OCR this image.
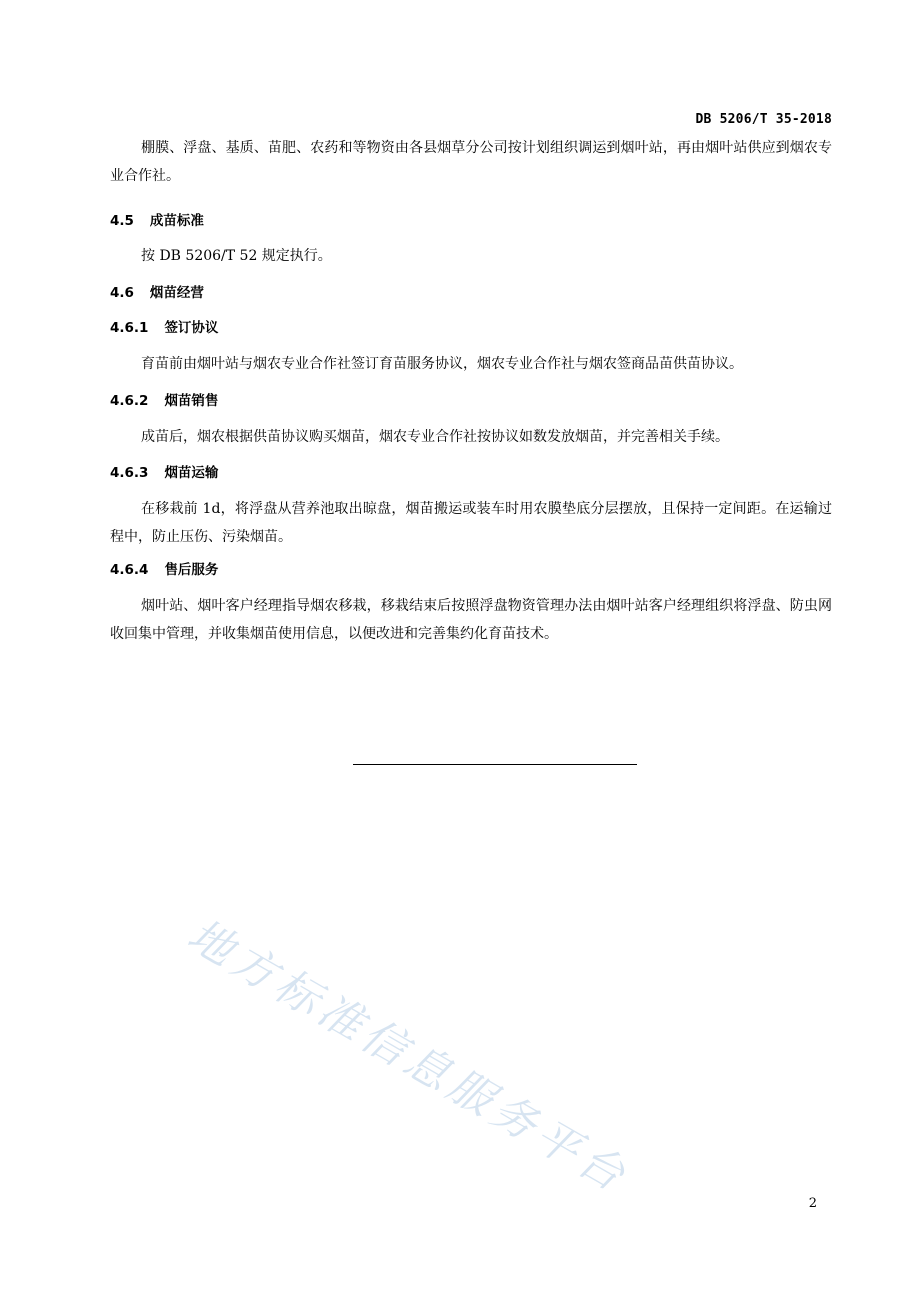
DB 5206/T 35-2018

棚膜、浮盘、基质、苗肥、农药和等物资由各县烟草分公司按计划组织调运到烟叶站，再由烟叶站供应到烟农专业合作社。

4.5 成苗标准

按 DB 5206/T 52 规定执行。

4.6 烟苗经营
4.6.1 签订协议

育苗前由烟叶站与烟农专业合作社签订育苗服务协议，烟农专业合作社与烟农签商品苗供苗协议。

4.6.2 烟苗销售

成苗后，烟农根据供苗协议购买烟苗，烟农专业合作社按协议如数发放烟苗，并完善相关手续。

4.6.3 烟苗运输

在移栽前 1d，将浮盘从营养池取出晾盘，烟苗搬运或装车时用农膜垫底分层摆放，且保持一定间距。在运输过程中，防止压伤、污染烟苗。

4.6.4 售后服务

烟叶站、烟叶客户经理指导烟农移栽，移栽结束后按照浮盘物资管理办法由烟叶站客户经理组织将浮盘、防虫网收回集中管理，并收集烟苗使用信息，以便改进和完善集约化育苗技术。

地方标准信息服务平台	2
